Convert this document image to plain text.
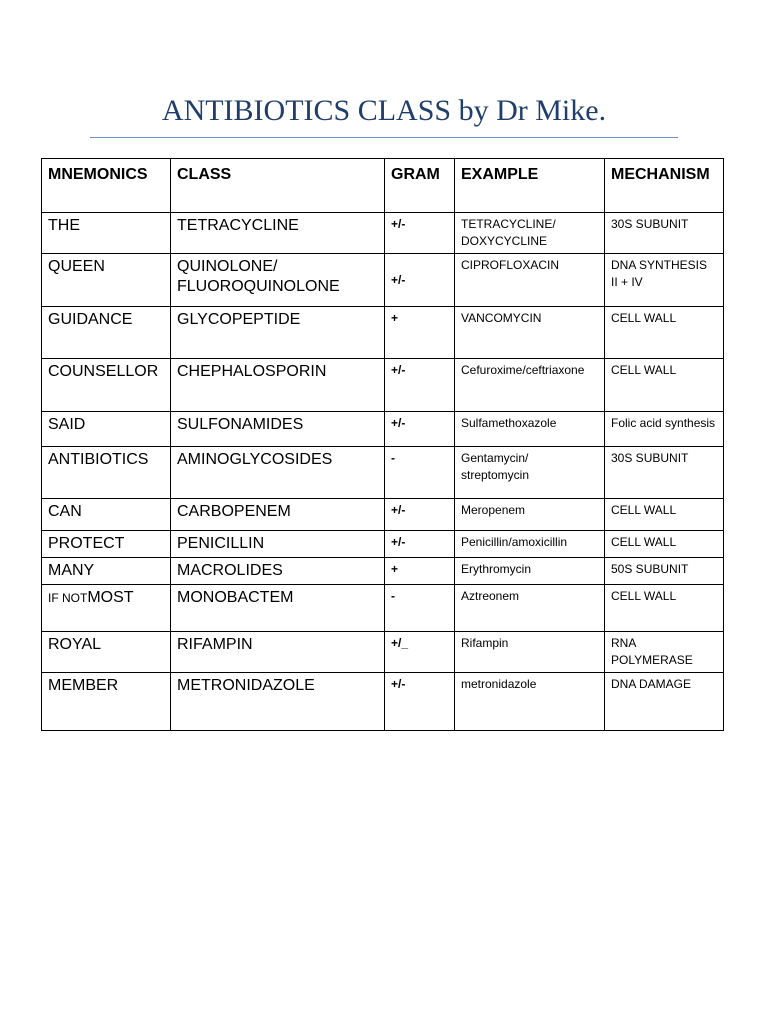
ANTIBIOTICS CLASS by Dr Mike.
MNEMONICS	CLASS	GRAM	EXAMPLE	MECHANISM
THE	TETRACYCLINE	+/-	TETRACYCLINE/ DOXYCYCLINE	30S SUBUNIT
QUEEN	QUINOLONE/ FLUOROQUINOLONE	+/-	CIPROFLOXACIN	DNA SYNTHESIS II + IV
GUIDANCE	GLYCOPEPTIDE	+	VANCOMYCIN	CELL WALL
COUNSELLOR	CHEPHALOSPORIN	+/-	Cefuroxime/ceftriaxone	CELL WALL
SAID	SULFONAMIDES	+/-	Sulfamethoxazole	Folic acid synthesis
ANTIBIOTICS	AMINOGLYCOSIDES	-	Gentamycin/ streptomycin	30S SUBUNIT
CAN	CARBOPENEM	+/-	Meropenem	CELL WALL
PROTECT	PENICILLIN	+/-	Penicillin/amoxicillin	CELL WALL
MANY	MACROLIDES	+	Erythromycin	50S SUBUNIT
IF NOTMOST	MONOBACTEM	-	Aztreonem	CELL WALL
ROYAL	RIFAMPIN	+/_	Rifampin	RNA POLYMERASE
MEMBER	METRONIDAZOLE	+/-	metronidazole	DNA DAMAGE
